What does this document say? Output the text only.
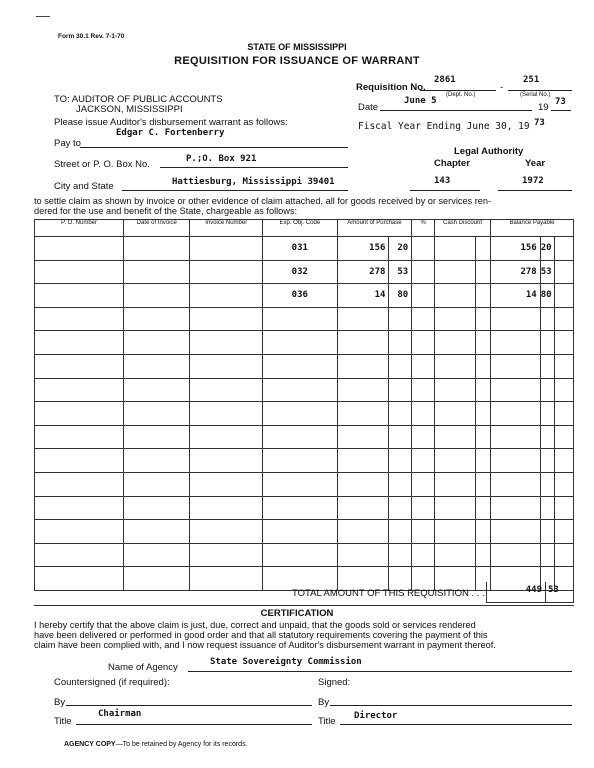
Form 30.1 Rev. 7-1-70
STATE OF MISSISSIPPI
REQUISITION FOR ISSUANCE OF WARRANT
Requisition No.
2861
(Dept. No.)
-
251
(Serial No.)
TO: AUDITOR OF PUBLIC ACCOUNTS
JACKSON, MISSISSIPPI
Please issue Auditor's disbursement warrant as follows:
Date
June 5
19 73
Fiscal Year Ending June 30, 19 73
Pay to
Edgar C. Fortenberry
Legal Authority
Chapter	Year
Street or P. O. Box No.	P.;O. Box 921
City and State	Hattiesburg, Mississippi 39401	143	1972
to settle claim as shown by invoice or other evidence of claim attached, all for goods received by or services ren-
dered for the use and benefit of the State, chargeable as follows:
P. O. Number	Date of Invoice	Invoice Number	Exp. Obj. Code	Amount of Purchase		%	Cash Discount		Balance Payable		
			031	156	20				156	20	
			032	278	53				278	53	
			036	14	80				14	80	

TOTAL AMOUNT OF THIS REQUISITION . . .	449 53
CERTIFICATION
I hereby certify that the above claim is just, due, correct and unpaid, that the goods sold or services rendered
have been delivered or performed in good order and that all statutory requirements covering the payment of this
claim have been complied with, and I now request issuance of Auditor's disbursement warrant in payment thereof.
Name of Agency	State Sovereignty Commission
Countersigned (if required):	Signed:
By	By
Title
Chairman
Title Director
AGENCY COPY—To be retained by Agency for its records.
